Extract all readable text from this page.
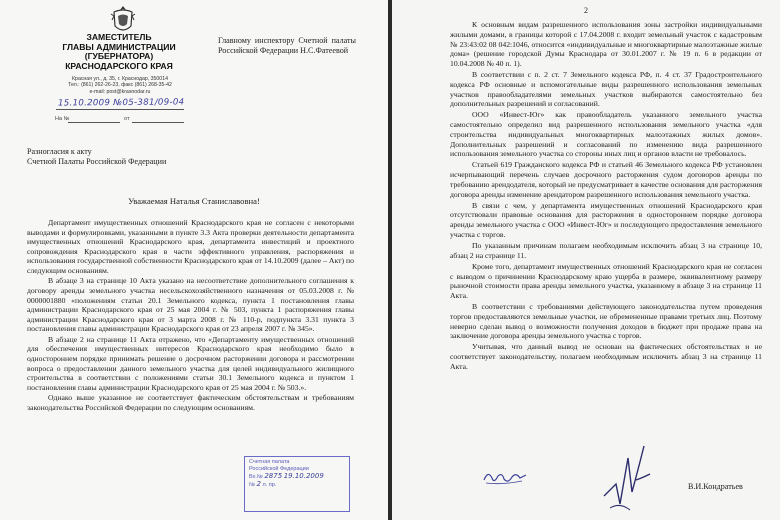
ЗАМЕСТИТЕЛЬ
ГЛАВЫ АДМИНИСТРАЦИИ
(ГУБЕРНАТОРА)
КРАСНОДАРСКОГО КРАЯ
Красная ул., д. 35, г. Краснодар, 350014
Тел.: (861) 262-26-23, факс (861) 268-35-42
e-mail: post@krasnodar.ru
Главному инспектору Счетной палаты Российской Федерации Н.С.Фатеевой
15.10.2009 №05-381/09-04
На №	от
Разногласия к акту
Счетной Палаты Российской Федерации
Уважаемая Наталья Станиславовна!

Департамент имущественных отношений Краснодарского края не согласен с некоторыми выводами и формулировками, указанными в пункте 3.3 Акта проверки деятельности департамента имущественных отношений Краснодарского края, департамента инвестиций и проектного сопровождения Краснодарского края в части эффективного управления, распоряжения и использования государственной собственности Краснодарского края от 14.10.2009 (далее – Акт) по следующим основаниям.

В абзаце 3 на странице 10 Акта указано на несоответствие дополнительного соглашения к договору аренды земельного участка несельскохозяйственного назначения от 05.03.2008 г. № 0000001880 «положениям статьи 20.1 Земельного кодекса, пункта 1 постановления главы администрации Краснодарского края от 25 мая 2004 г. № 503, пункта 1 распоряжения главы администрации Краснодарского края от 3 марта 2008 г. № 110-р, подпункта 3.31 пункта 3 постановления главы администрации Краснодарского края от 23 апреля 2007 г. № 345».

В абзаце 2 на странице 11 Акта отражено, что «Департаменту имущественных отношений для обеспечения имущественных интересов Краснодарского края необходимо было в одностороннем порядке принимать решение о досрочном расторжении договора и рассмотрении вопроса о предоставлении данного земельного участка для целей индивидуального жилищного строительства в соответствии с положениями статьи 30.1 Земельного кодекса и пунктом 1 постановления главы администрации Краснодарского края от 25 мая 2004 г. № 503.».

Однако выше указанное не соответствует фактическим обстоятельствам и требованиям законодательства Российской Федерации по следующим основаниям.

Счетная палата
Российской Федерации
Вх.№ 2875 19.10.2009
№ 2 л. пр.
2

К основным видам разрешенного использования зоны застройки индивидуальными жилыми домами, в границы которой с 17.04.2008 г. входит земельный участок с кадастровым № 23:43:02 08 042:1046, относится «индивидуальные и многоквартирные малоэтажные жилые дома» (решение городской Думы Краснодара от 30.01.2007 г. № 19 п. 6 в редакции от 10.04.2008 № 40 п. 1).

В соответствии с п. 2 ст. 7 Земельного кодекса РФ, п. 4 ст. 37 Градостроительного кодекса РФ основные и вспомогательные виды разрешенного использования земельных участков правообладателями земельных участков выбираются самостоятельно без дополнительных разрешений и согласований.

ООО «Инвест-Юг» как правообладатель указанного земельного участка самостоятельно определил вид разрешенного использования земельного участка «для строительства индивидуальных многоквартирных малоэтажных жилых домов». Дополнительных разрешений и согласований по изменению вида разрешенного использования земельного участка со стороны иных лиц и органов власти не требовалось.

Статьей 619 Гражданского кодекса РФ и статьей 46 Земельного кодекса РФ установлен исчерпывающий перечень случаев досрочного расторжения судом договоров аренды по требованию арендодателя, который не предусматривает в качестве основания для расторжения договора аренды изменение арендатором разрешенного использования земельного участка.

В связи с чем, у департамента имущественных отношений Краснодарского края отсутствовали правовые основания для расторжения в одностороннем порядке договора аренды земельного участка с ООО «Инвест-Юг» и последующего предоставления земельного участка с торгов.

По указанным причинам полагаем необходимым исключить абзац 3 на странице 10, абзац 2 на странице 11.

Кроме того, департамент имущественных отношений Краснодарского края не согласен с выводом о причинении Краснодарскому краю ущерба в размере, эквивалентному размеру рыночной стоимости права аренды земельного участка, указанному в абзаце 3 на странице 11 Акта.

В соответствии с требованиями действующего законодательства путем проведения торгов предоставляются земельные участки, не обремененные правами третьих лиц. Поэтому неверно сделан вывод о возможности получения доходов в бюджет при продаже права на заключение договора аренды земельного участка с торгов.

Учитывая, что данный вывод не основан на фактических обстоятельствах и не соответствует законодательству, полагаем необходимым исключить абзац 3 на странице 11 Акта.

В.И.Кондратьев
